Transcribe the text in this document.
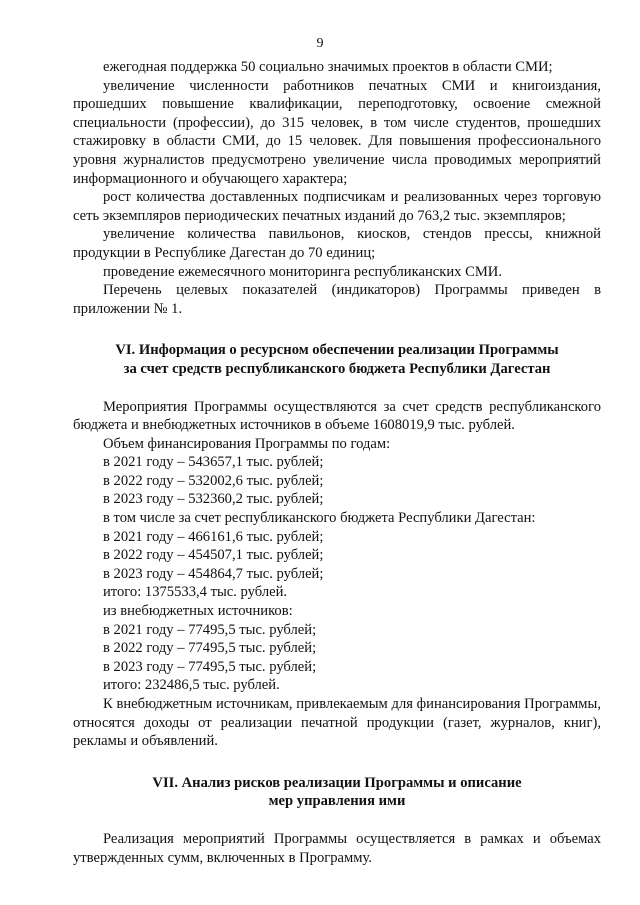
9

ежегодная поддержка 50 социально значимых проектов в области СМИ;

увеличение численности работников печатных СМИ и книгоиздания, прошедших повышение квалификации, переподготовку, освоение смежной специальности (профессии), до 315 человек, в том числе студентов, прошедших стажировку в области СМИ, до 15 человек. Для повышения профессионального уровня журналистов предусмотрено увеличение числа проводимых мероприятий информационного и обучающего характера;

рост количества доставленных подписчикам и реализованных через торговую сеть экземпляров периодических печатных изданий до 763,2 тыс. экземпляров;

увеличение количества павильонов, киосков, стендов прессы, книжной продукции в Республике Дагестан до 70 единиц;

проведение ежемесячного мониторинга республиканских СМИ.

Перечень целевых показателей (индикаторов) Программы приведен в приложении № 1.

VI. Информация о ресурсном обеспечении реализации Программы

за счет средств республиканского бюджета Республики Дагестан

Мероприятия Программы осуществляются за счет средств республиканского бюджета и внебюджетных источников в объеме 1608019,9 тыс. рублей.

Объем финансирования Программы по годам:

в 2021 году – 543657,1 тыс. рублей;

в 2022 году – 532002,6 тыс. рублей;

в 2023 году – 532360,2 тыс. рублей;

в том числе за счет республиканского бюджета Республики Дагестан:

в 2021 году – 466161,6 тыс. рублей;

в 2022 году – 454507,1 тыс. рублей;

в 2023 году – 454864,7 тыс. рублей;

итого: 1375533,4 тыс. рублей.

из внебюджетных источников:

в 2021 году – 77495,5 тыс. рублей;

в 2022 году – 77495,5 тыс. рублей;

в 2023 году – 77495,5 тыс. рублей;

итого: 232486,5 тыс. рублей.

К внебюджетным источникам, привлекаемым для финансирования Программы, относятся доходы от реализации печатной продукции (газет, журналов, книг), рекламы и объявлений.

VII. Анализ рисков реализации Программы и описание

мер управления ими

Реализация мероприятий Программы осуществляется в рамках и объемах утвержденных сумм, включенных в Программу.
